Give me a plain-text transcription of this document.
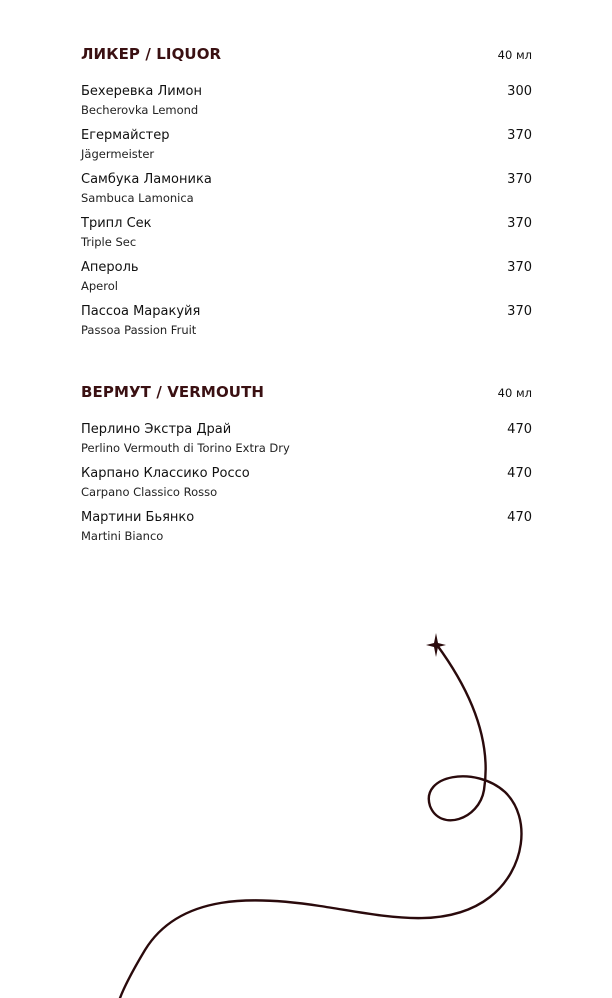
ЛИКЕР / LIQUOR	40 мл
Бехеревка Лимон
Becherovka Lemond
300
Егермайстер
Jägermeister
370
Самбука Ламоника
Sambuca Lamonica
370
Трипл Сек
Triple Sec
370
Апероль
Aperol
370
Пассоа Маракуйя
Passoa Passion Fruit
370
ВЕРМУТ / VERMOUTH	40 мл
Перлино Экстра Драй
Perlino Vermouth di Torino Extra Dry
470
Карпано Классико Россо
Carpano Classico Rosso
470
Мартини Бьянко
Martini Bianco
470
